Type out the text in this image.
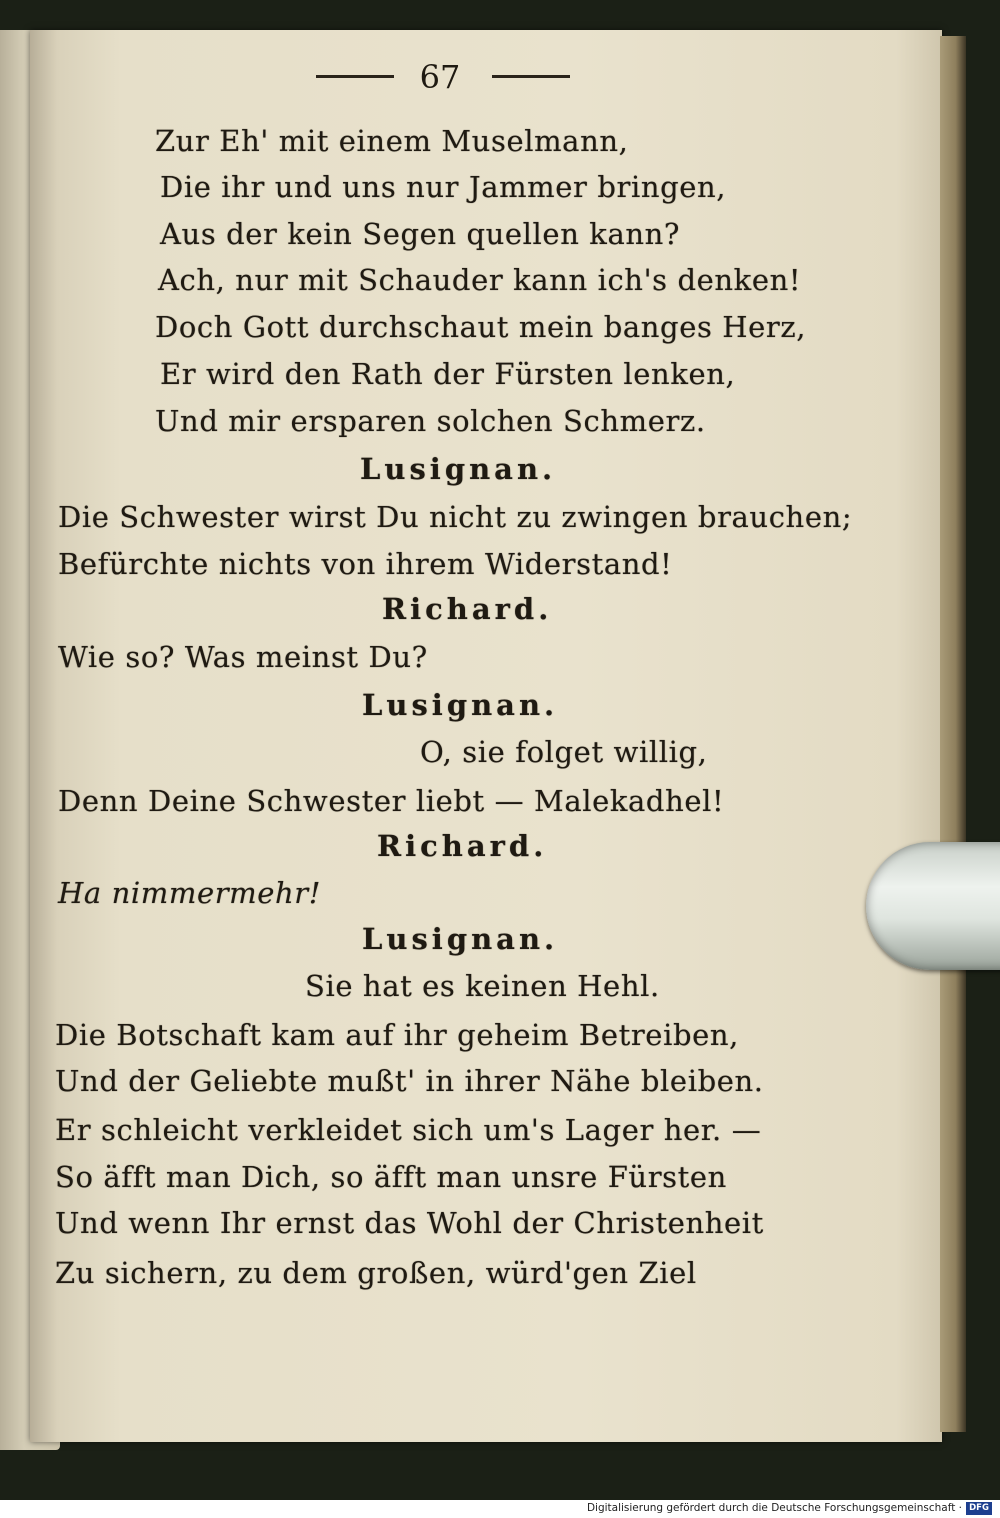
67
Zur Eh' mit einem Muselmann,
Die ihr und uns nur Jammer bringen,
Aus der kein Segen quellen kann?
Ach, nur mit Schauder kann ich's denken!
Doch Gott durchschaut mein banges Herz,
Er wird den Rath der Fürsten lenken,
Und mir ersparen solchen Schmerz.
Lusignan.
Die Schwester wirst Du nicht zu zwingen brauchen;
Befürchte nichts von ihrem Widerstand!
Richard.
Wie so? Was meinst Du?
Lusignan.
O, sie folget willig,
Denn Deine Schwester liebt — Malekadhel!
Richard.
Ha nimmermehr!
Lusignan.
Sie hat es keinen Hehl.
Die Botschaft kam auf ihr geheim Betreiben,
Und der Geliebte mußt' in ihrer Nähe bleiben.
Er schleicht verkleidet sich um's Lager her. —
So äfft man Dich, so äfft man unsre Fürsten
Und wenn Ihr ernst das Wohl der Christenheit
Zu sichern, zu dem großen, würd'gen Ziel
Digitalisierung gefördert durch die Deutsche Forschungsgemeinschaft · DFG
